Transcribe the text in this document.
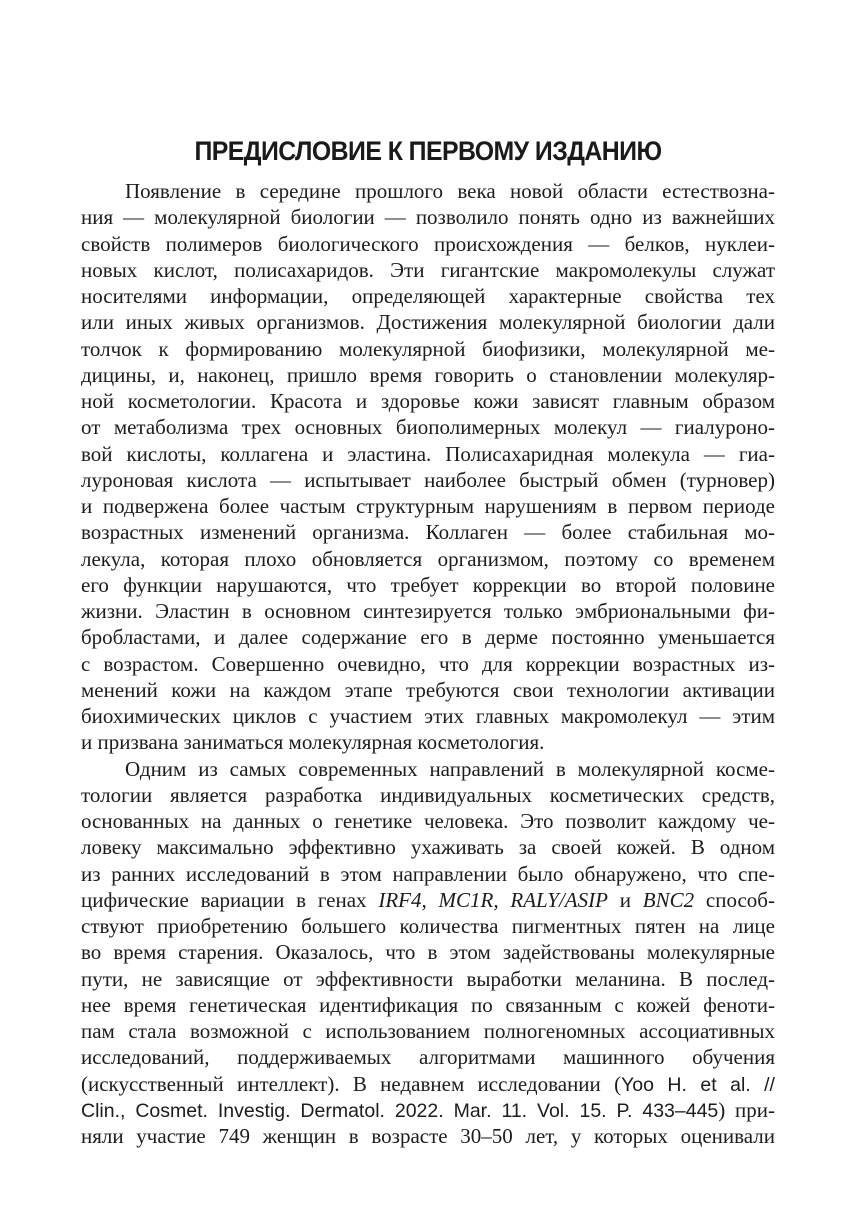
ПРЕДИСЛОВИЕ К ПЕРВОМУ ИЗДАНИЮ
Появление в середине прошлого века новой области естествозна-
ния — молекулярной биологии — позволило понять одно из важнейших
свойств полимеров биологического происхождения — белков, нуклеи-
новых кислот, полисахаридов. Эти гигантские макромолекулы служат
носителями информации, определяющей характерные свойства тех
или иных живых организмов. Достижения молекулярной биологии дали
толчок к формированию молекулярной биофизики, молекулярной ме-
дицины, и, наконец, пришло время говорить о становлении молекуляр-
ной косметологии. Красота и здоровье кожи зависят главным образом
от метаболизма трех основных биополимерных молекул — гиалуроно-
вой кислоты, коллагена и эластина. Полисахаридная молекула — гиа-
луроновая кислота — испытывает наиболее быстрый обмен (турновер)
и подвержена более частым структурным нарушениям в первом периоде
возрастных изменений организма. Коллаген — более стабильная мо-
лекула, которая плохо обновляется организмом, поэтому со временем
его функции нарушаются, что требует коррекции во второй половине
жизни. Эластин в основном синтезируется только эмбриональными фи-
бробластами, и далее содержание его в дерме постоянно уменьшается
с возрастом. Совершенно очевидно, что для коррекции возрастных из-
менений кожи на каждом этапе требуются свои технологии активации
биохимических циклов с участием этих главных макромолекул — этим
и призвана заниматься молекулярная косметология.
Одним из самых современных направлений в молекулярной косме-
тологии является разработка индивидуальных косметических средств,
основанных на данных о генетике человека. Это позволит каждому че-
ловеку максимально эффективно ухаживать за своей кожей. В одном
из ранних исследований в этом направлении было обнаружено, что спе-
цифические вариации в генах IRF4, MC1R, RALY/ASIP и BNC2 способ-
ствуют приобретению большего количества пигментных пятен на лице
во время старения. Оказалось, что в этом задействованы молекулярные
пути, не зависящие от эффективности выработки меланина. В послед-
нее время генетическая идентификация по связанным с кожей феноти-
пам стала возможной с использованием полногеномных ассоциативных
исследований, поддерживаемых алгоритмами машинного обучения
(искусственный интеллект). В недавнем исследовании (Yoo H. et al. //
Clin., Cosmet. Investig. Dermatol. 2022. Mar. 11. Vol. 15. P. 433–445) при-
няли участие 749 женщин в возрасте 30–50 лет, у которых оценивали
